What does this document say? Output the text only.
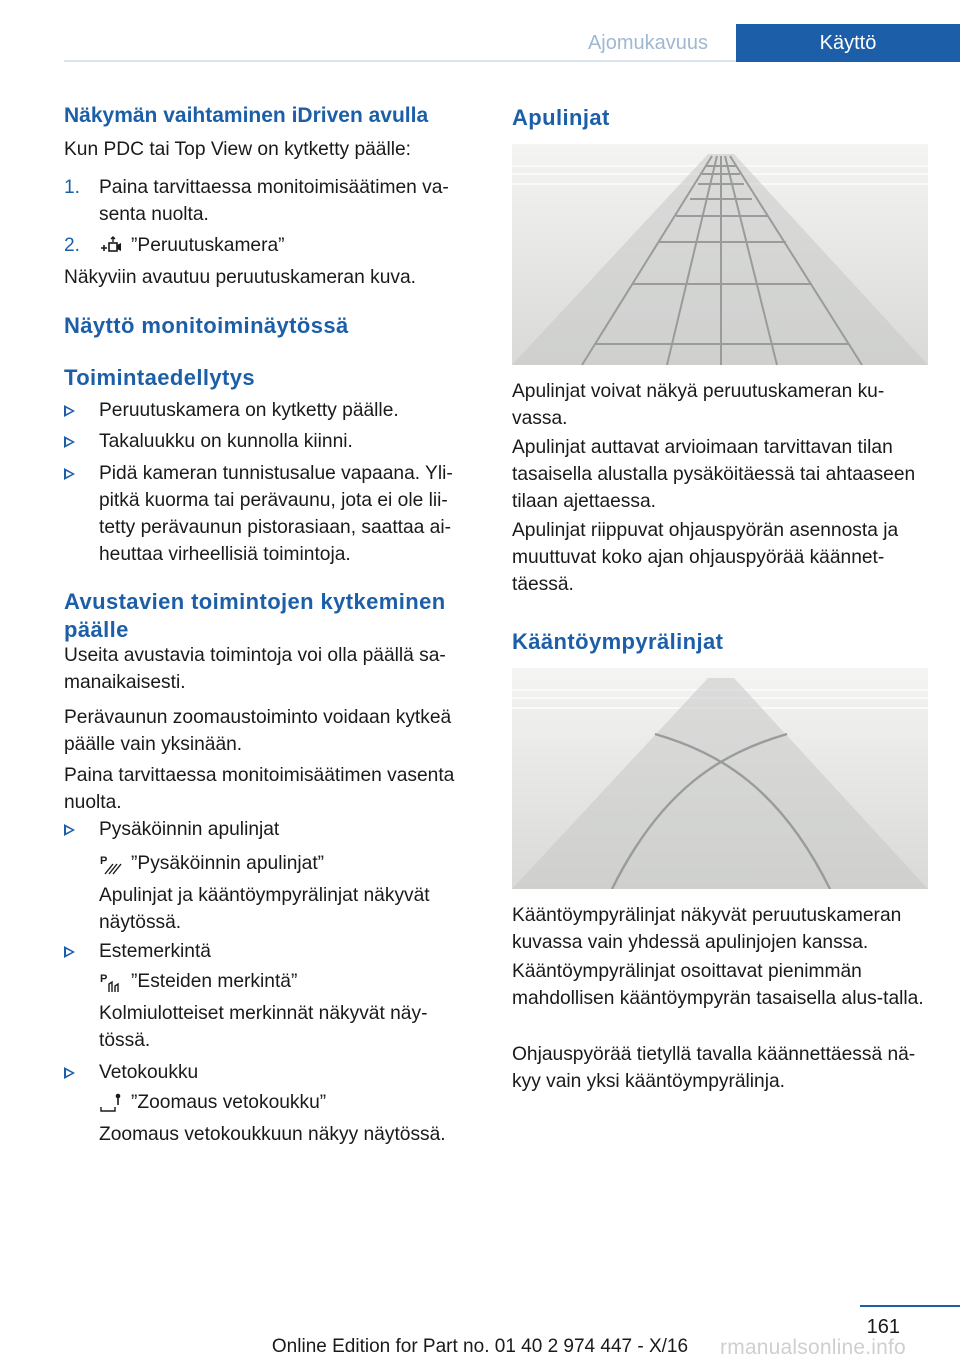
Ajomukavuus	Käyttö
Näkymän vaihtaminen iDriven avulla

Kun PDC tai Top View on kytketty päälle:

1. Paina tarvittaessa monitoimisäätimen va-senta nuolta.

2.	”Peruutuskamera”

Näkyviin avautuu peruutuskameran kuva.

Näyttö monitoiminäytössä
Toimintaedellytys

Peruutuskamera on kytketty päälle.

Takaluukku on kunnolla kiinni.

Pidä kameran tunnistusalue vapaana. Yli-pitkä kuorma tai perävaunu, jota ei ole lii-tetty perävaunun pistorasiaan, saattaa ai-heuttaa virheellisiä toimintoja.

Avustavien toimintojen kytkeminen päälle

Useita avustavia toimintoja voi olla päällä sa-manaikaisesti.

Perävaunun zoomaustoiminto voidaan kytkeä päälle vain yksinään.

Paina tarvittaessa monitoimisäätimen vasenta nuolta.

Pysäköinnin apulinjat

P ”Pysäköinnin apulinjat”

Apulinjat ja kääntöympyrälinjat näkyvät näytössä.

Estemerkintä

P ”Esteiden merkintä”

Kolmiulotteiset merkinnät näkyvät näy-tössä.

Vetokoukku

”Zoomaus vetokoukku”

Zoomaus vetokoukkuun näkyy näytössä.

Apulinjat

Apulinjat voivat näkyä peruutuskameran ku-vassa.

Apulinjat auttavat arvioimaan tarvittavan tilan tasaisella alustalla pysäköitäessä tai ahtaaseen tilaan ajettaessa.

Apulinjat riippuvat ohjauspyörän asennosta ja muuttuvat koko ajan ohjauspyörää käännet-täessä.

Kääntöympyrälinjat

Kääntöympyrälinjat näkyvät peruutuskameran kuvassa vain yhdessä apulinjojen kanssa.

Kääntöympyrälinjat osoittavat pienimmän mahdollisen kääntöympyrän tasaisella alus-talla.

Ohjauspyörää tietyllä tavalla käännettäessä nä-kyy vain yksi kääntöympyrälinja.

161
Online Edition for Part no. 01 40 2 974 447 - X/16	rmanualsonline.info
